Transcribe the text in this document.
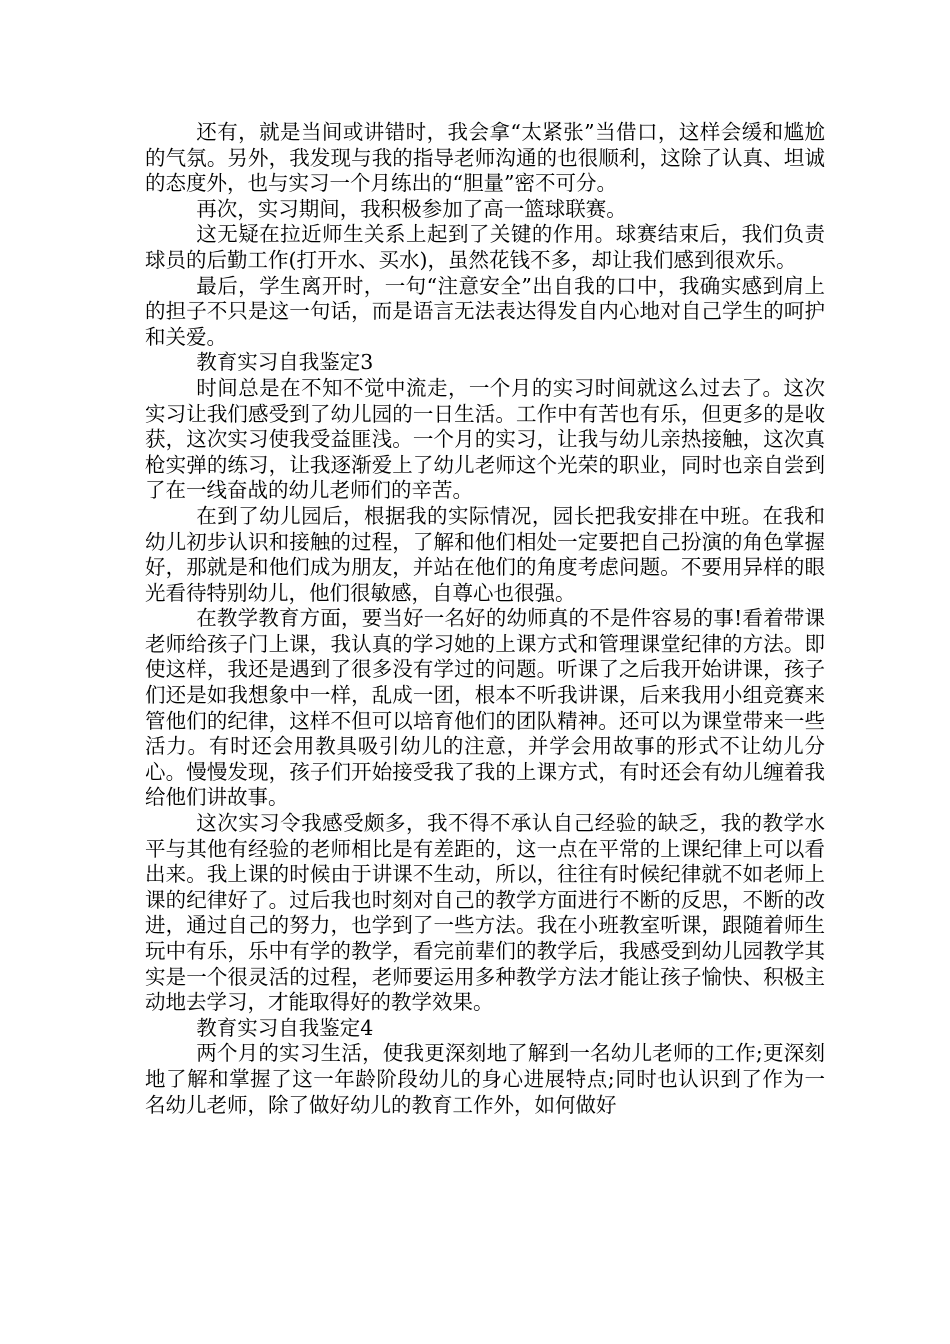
还有，就是当间或讲错时，我会拿“太紧张”当借口，这样会缓和尴尬的气氛。另外，我发现与我的指导老师沟通的也很顺利，这除了认真、坦诚的态度外，也与实习一个月练出的“胆量”密不可分。

再次，实习期间，我积极参加了高一篮球联赛。

这无疑在拉近师生关系上起到了关键的作用。球赛结束后，我们负责球员的后勤工作(打开水、买水)，虽然花钱不多，却让我们感到很欢乐。

最后，学生离开时，一句“注意安全”出自我的口中，我确实感到肩上的担子不只是这一句话，而是语言无法表达得发自内心地对自己学生的呵护和关爱。

教育实习自我鉴定3

时间总是在不知不觉中流走，一个月的实习时间就这么过去了。这次实习让我们感受到了幼儿园的一日生活。工作中有苦也有乐，但更多的是收获，这次实习使我受益匪浅。一个月的实习，让我与幼儿亲热接触，这次真枪实弹的练习，让我逐渐爱上了幼儿老师这个光荣的职业，同时也亲自尝到了在一线奋战的幼儿老师们的辛苦。

在到了幼儿园后，根据我的实际情况，园长把我安排在中班。在我和幼儿初步认识和接触的过程，了解和他们相处一定要把自己扮演的角色掌握好，那就是和他们成为朋友，并站在他们的角度考虑问题。不要用异样的眼光看待特别幼儿，他们很敏感，自尊心也很强。

在教学教育方面，要当好一名好的幼师真的不是件容易的事!看着带课老师给孩子门上课，我认真的学习她的上课方式和管理课堂纪律的方法。即使这样，我还是遇到了很多没有学过的问题。听课了之后我开始讲课，孩子们还是如我想象中一样，乱成一团，根本不听我讲课，后来我用小组竞赛来管他们的纪律，这样不但可以培育他们的团队精神。还可以为课堂带来一些活力。有时还会用教具吸引幼儿的注意，并学会用故事的形式不让幼儿分心。慢慢发现，孩子们开始接受我了我的上课方式，有时还会有幼儿缠着我给他们讲故事。

这次实习令我感受颇多，我不得不承认自己经验的缺乏，我的教学水平与其他有经验的老师相比是有差距的，这一点在平常的上课纪律上可以看出来。我上课的时候由于讲课不生动，所以，往往有时候纪律就不如老师上课的纪律好了。过后我也时刻对自己的教学方面进行不断的反思，不断的改进，通过自己的努力，也学到了一些方法。我在小班教室听课，跟随着师生玩中有乐，乐中有学的教学，看完前辈们的教学后，我感受到幼儿园教学其实是一个很灵活的过程，老师要运用多种教学方法才能让孩子愉快、积极主动地去学习，才能取得好的教学效果。

教育实习自我鉴定4

两个月的实习生活，使我更深刻地了解到一名幼儿老师的工作;更深刻地了解和掌握了这一年龄阶段幼儿的身心进展特点;同时也认识到了作为一名幼儿老师，除了做好幼儿的教育工作外，如何做好
